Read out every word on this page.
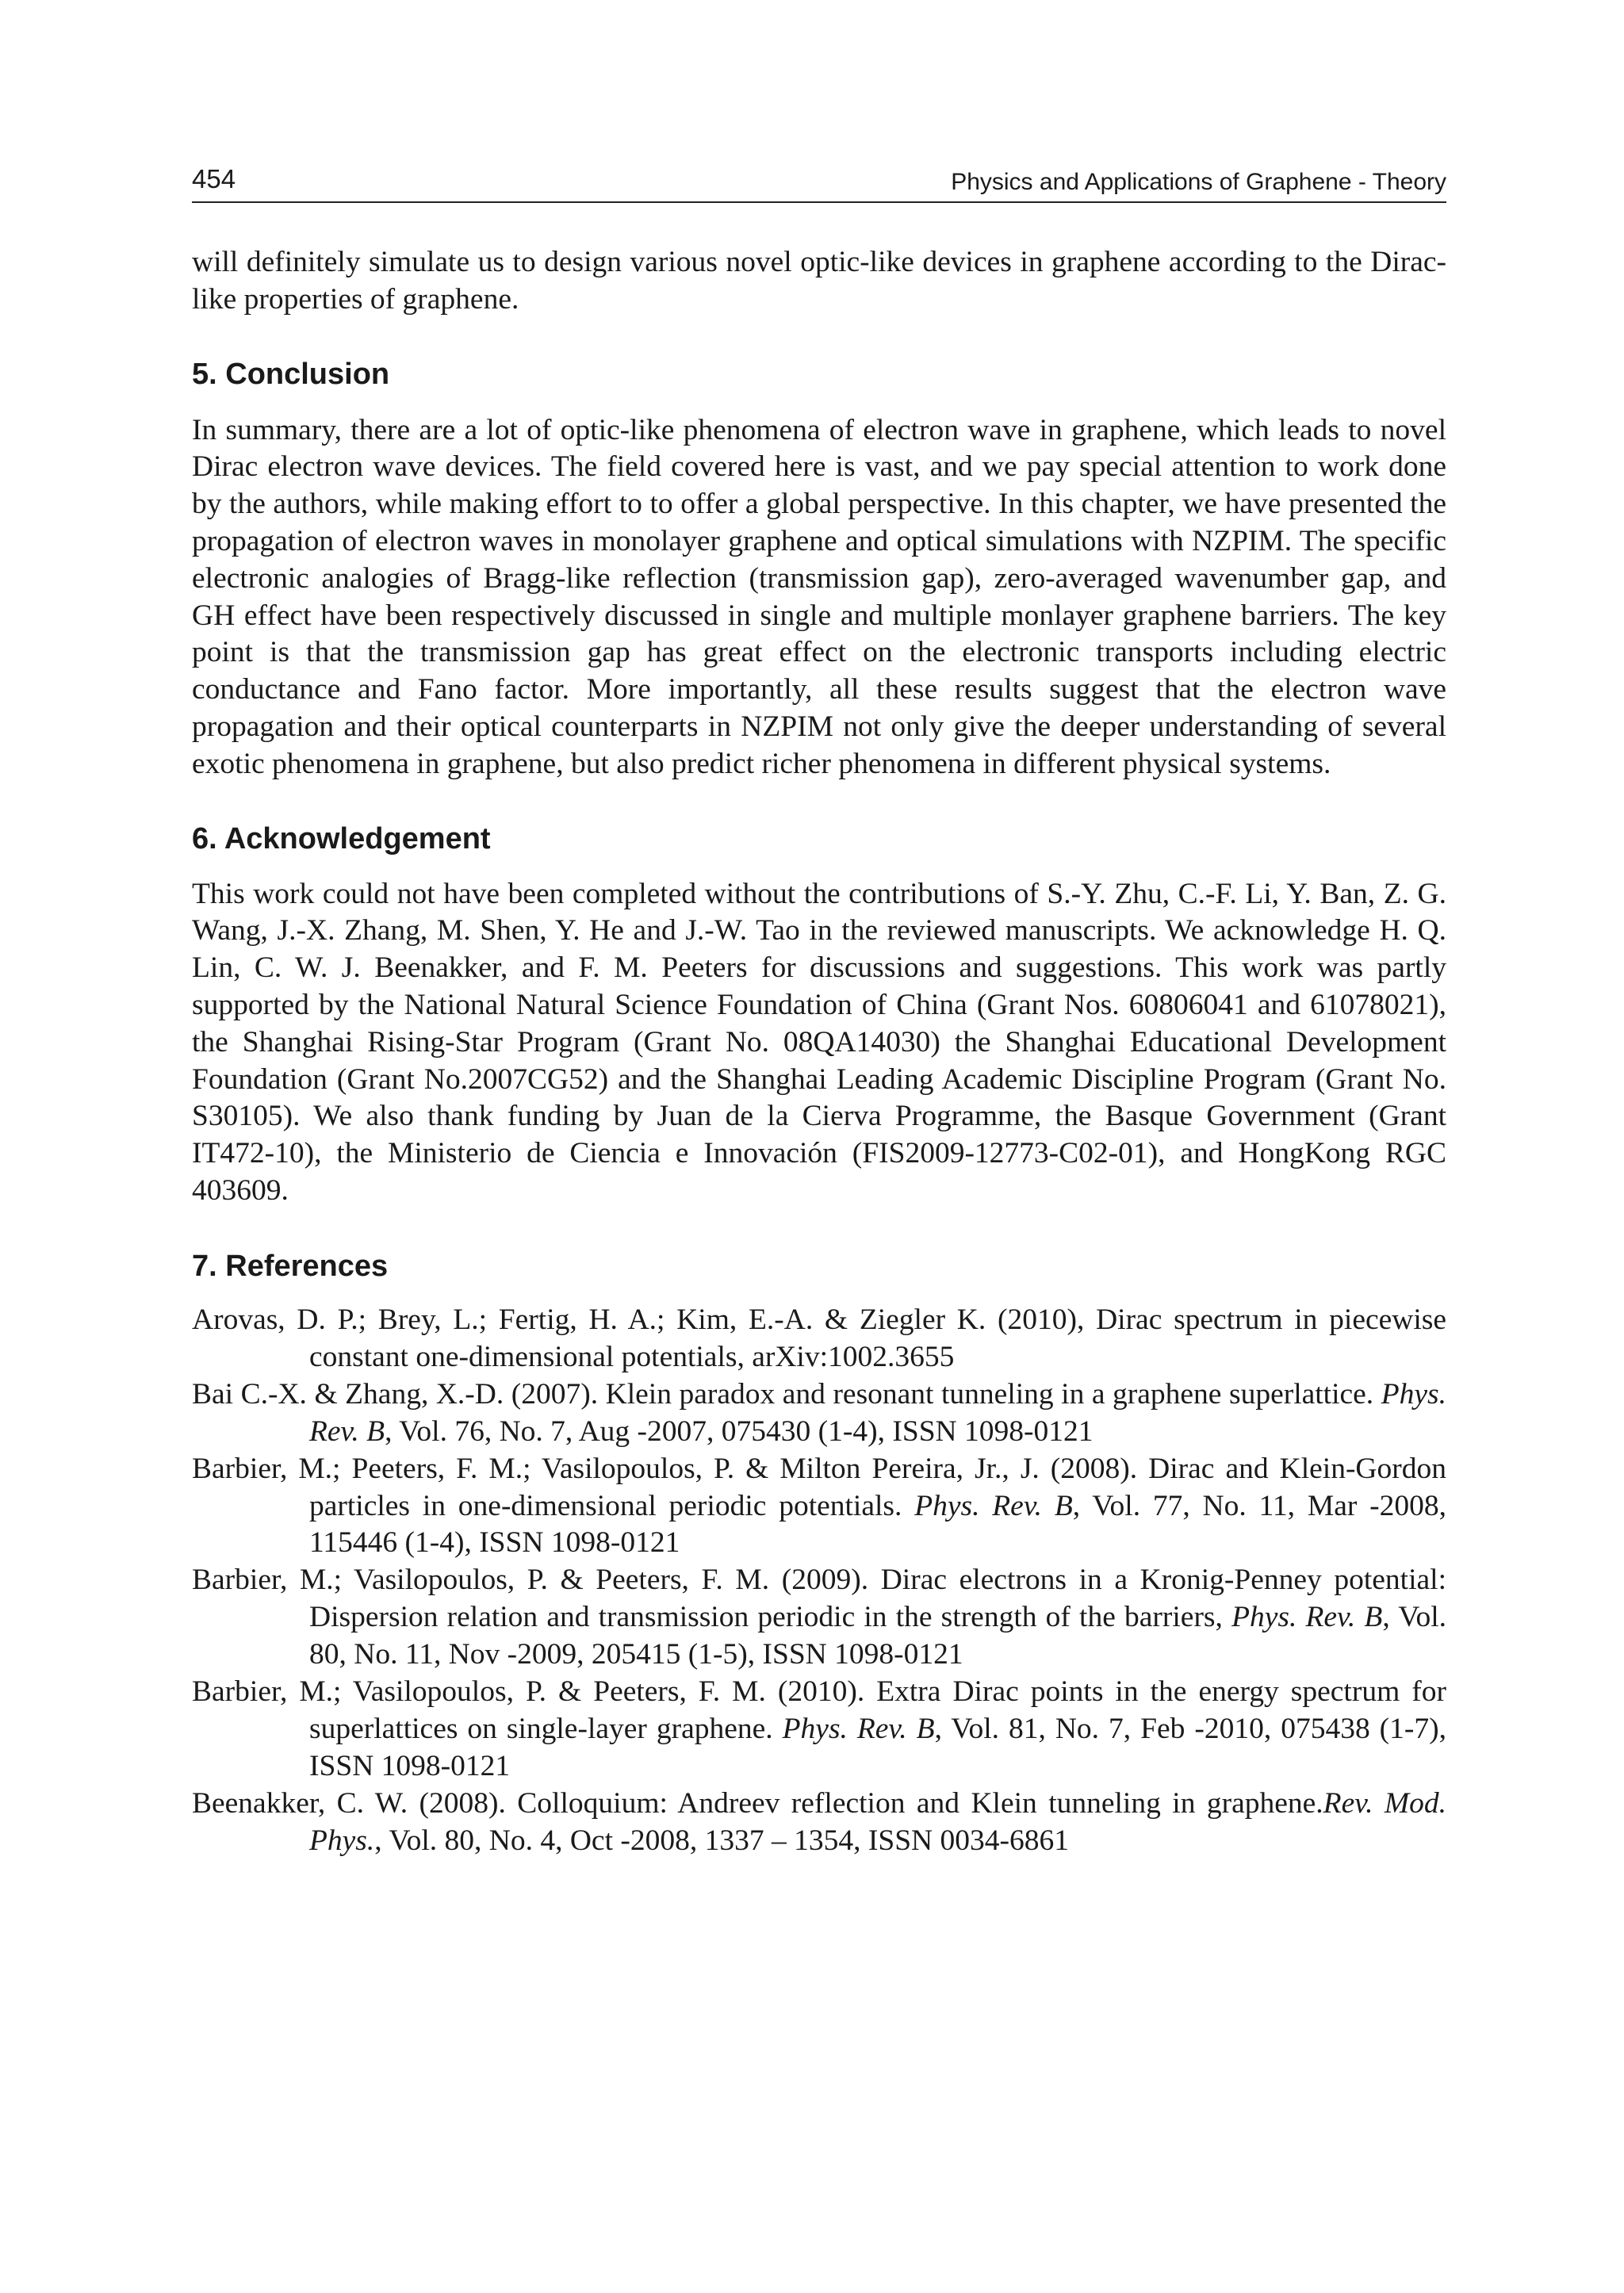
454	Physics and Applications of Graphene - Theory

will definitely simulate us to design various novel optic-like devices in graphene according to the Dirac-like properties of graphene.

5. Conclusion

In summary, there are a lot of optic-like phenomena of electron wave in graphene, which leads to novel Dirac electron wave devices. The field covered here is vast, and we pay special attention to work done by the authors, while making effort to to offer a global perspective. In this chapter, we have presented the propagation of electron waves in monolayer graphene and optical simulations with NZPIM. The specific electronic analogies of Bragg-like reflection (transmission gap), zero-averaged wavenumber gap, and GH effect have been respectively discussed in single and multiple monlayer graphene barriers. The key point is that the transmission gap has great effect on the electronic transports including electric conductance and Fano factor. More importantly, all these results suggest that the electron wave propagation and their optical counterparts in NZPIM not only give the deeper understanding of several exotic phenomena in graphene, but also predict richer phenomena in different physical systems.

6. Acknowledgement

This work could not have been completed without the contributions of S.-Y. Zhu, C.-F. Li, Y. Ban, Z. G. Wang, J.-X. Zhang, M. Shen, Y. He and J.-W. Tao in the reviewed manuscripts. We acknowledge H. Q. Lin, C. W. J. Beenakker, and F. M. Peeters for discussions and suggestions. This work was partly supported by the National Natural Science Foundation of China (Grant Nos. 60806041 and 61078021), the Shanghai Rising-Star Program (Grant No. 08QA14030) the Shanghai Educational Development Foundation (Grant No.2007CG52) and the Shanghai Leading Academic Discipline Program (Grant No. S30105). We also thank funding by Juan de la Cierva Programme, the Basque Government (Grant IT472-10), the Ministerio de Ciencia e Innovación (FIS2009-12773-C02-01), and HongKong RGC 403609.

7. References

Arovas, D. P.; Brey, L.; Fertig, H. A.; Kim, E.-A. & Ziegler K. (2010), Dirac spectrum in piecewise constant one-dimensional potentials, arXiv:1002.3655

Bai C.-X. & Zhang, X.-D. (2007). Klein paradox and resonant tunneling in a graphene superlattice. Phys. Rev. B, Vol. 76, No. 7, Aug -2007, 075430 (1-4), ISSN 1098-0121

Barbier, M.; Peeters, F. M.; Vasilopoulos, P. & Milton Pereira, Jr., J. (2008). Dirac and Klein-Gordon particles in one-dimensional periodic potentials. Phys. Rev. B, Vol. 77, No. 11, Mar -2008, 115446 (1-4), ISSN 1098-0121

Barbier, M.; Vasilopoulos, P. & Peeters, F. M. (2009). Dirac electrons in a Kronig-Penney potential: Dispersion relation and transmission periodic in the strength of the barriers, Phys. Rev. B, Vol. 80, No. 11, Nov -2009, 205415 (1-5), ISSN 1098-0121

Barbier, M.; Vasilopoulos, P. & Peeters, F. M. (2010). Extra Dirac points in the energy spectrum for superlattices on single-layer graphene. Phys. Rev. B, Vol. 81, No. 7, Feb -2010, 075438 (1-7), ISSN 1098-0121

Beenakker, C. W. (2008). Colloquium: Andreev reflection and Klein tunneling in graphene.Rev. Mod. Phys., Vol. 80, No. 4, Oct -2008, 1337 – 1354, ISSN 0034-6861
